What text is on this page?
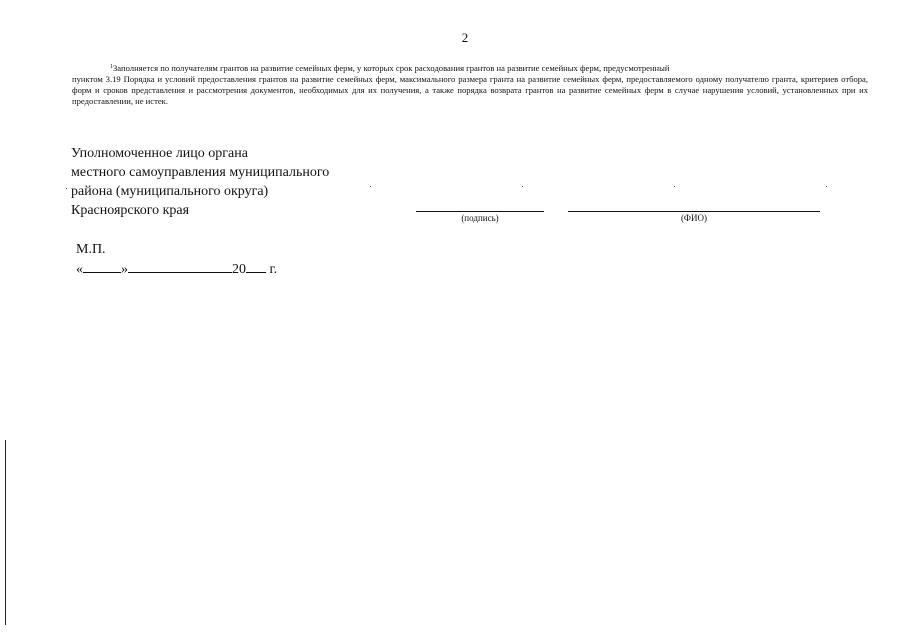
2
$^1$Заполняется по получателям грантов на развитие семейных ферм, у которых срок расходования грантов на развитие семейных ферм, предусмотренный
пунктом 3.19 Порядка и условий предоставления грантов на развитие семейных ферм, максимального размера гранта на развитие семейных ферм, предоставляемого одному получателю гранта, критериев отбора, форм и сроков представления и рассмотрения документов, необходимых для их получения, а также порядка возврата грантов на развитие семейных ферм в случае нарушения условий, установленных при их предоставлении, не истек.
Уполномоченное лицо органа
местного самоуправления муниципального
района (муниципального округа)
Красноярского края	(подпись)	(ФИО)
М.П.
«	»	20 г.
